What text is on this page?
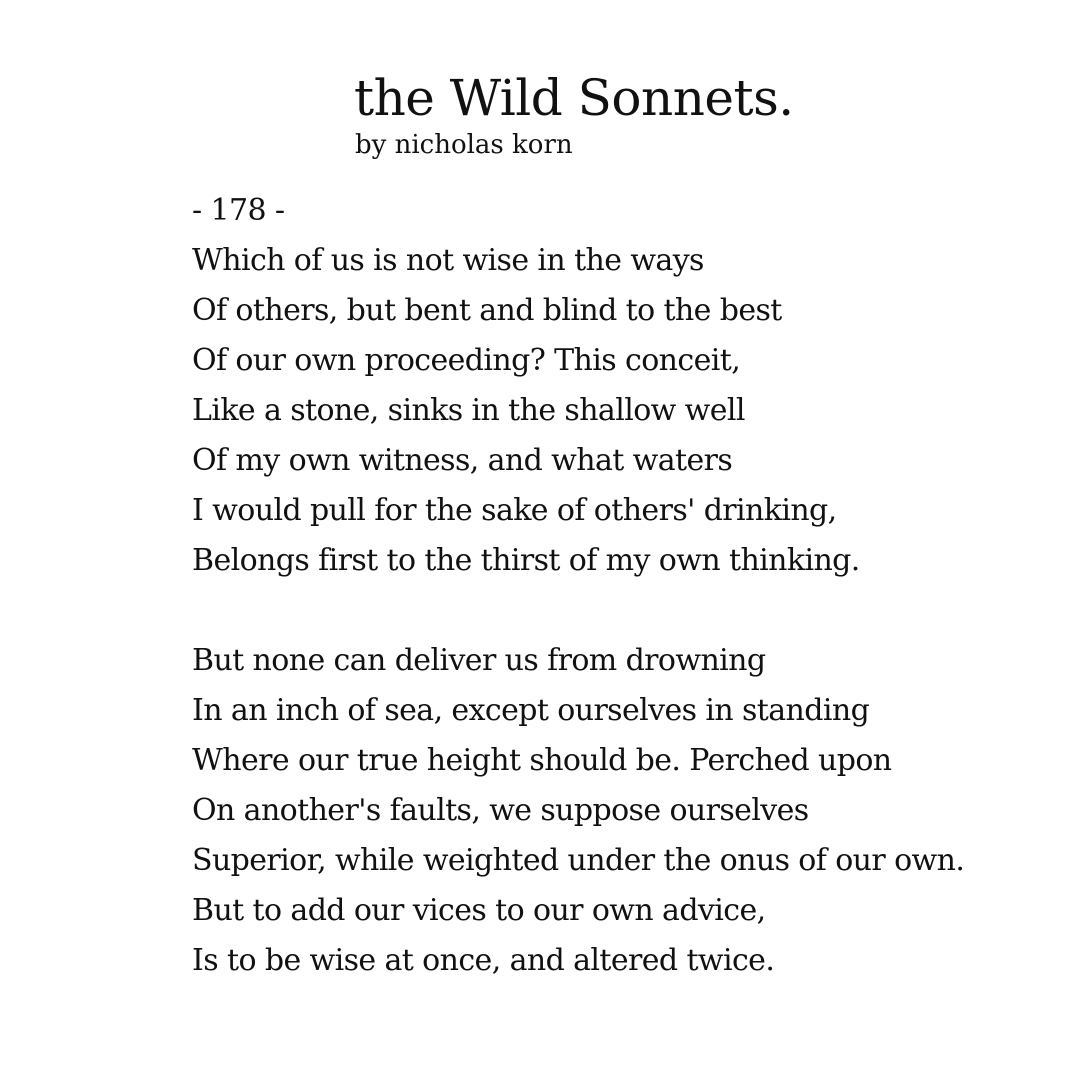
the Wild Sonnets.
by nicholas korn
- 178 -
Which of us is not wise in the ways
Of others, but bent and blind to the best
Of our own proceeding? This conceit,
Like a stone, sinks in the shallow well
Of my own witness, and what waters
I would pull for the sake of others' drinking,
Belongs first to the thirst of my own thinking.
But none can deliver us from drowning
In an inch of sea, except ourselves in standing
Where our true height should be. Perched upon
On another's faults, we suppose ourselves
Superior, while weighted under the onus of our own.
But to add our vices to our own advice,
Is to be wise at once, and altered twice.
